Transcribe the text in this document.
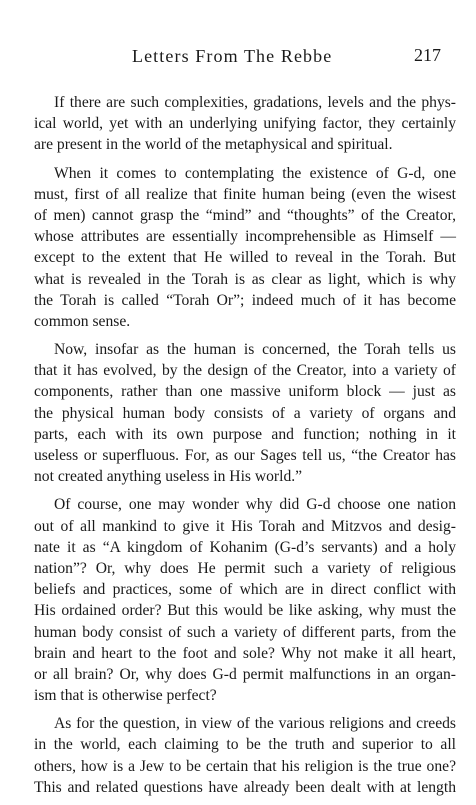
Letters From The Rebbe	217

If there are such complexities, gradations, levels and the phys-
ical world, yet with an underlying unifying factor, they certainly
are present in the world of the metaphysical and spiritual.

When it comes to contemplating the existence of G-d, one
must, first of all realize that finite human being (even the wisest
of men) cannot grasp the “mind” and “thoughts” of the Creator,
whose attributes are essentially incomprehensible as Himself —
except to the extent that He willed to reveal in the Torah. But
what is revealed in the Torah is as clear as light, which is why
the Torah is called “Torah Or”; indeed much of it has become
common sense.

Now, insofar as the human is concerned, the Torah tells us
that it has evolved, by the design of the Creator, into a variety of
components, rather than one massive uniform block — just as
the physical human body consists of a variety of organs and
parts, each with its own purpose and function; nothing in it
useless or superfluous. For, as our Sages tell us, “the Creator has
not created anything useless in His world.”

Of course, one may wonder why did G-d choose one nation
out of all mankind to give it His Torah and Mitzvos and desig-
nate it as “A kingdom of Kohanim (G-d’s servants) and a holy
nation”? Or, why does He permit such a variety of religious
beliefs and practices, some of which are in direct conflict with
His ordained order? But this would be like asking, why must the
human body consist of such a variety of different parts, from the
brain and heart to the foot and sole? Why not make it all heart,
or all brain? Or, why does G-d permit malfunctions in an organ-
ism that is otherwise perfect?

As for the question, in view of the various religions and creeds
in the world, each claiming to be the truth and superior to all
others, how is a Jew to be certain that his religion is the true one?
This and related questions have already been dealt with at length
